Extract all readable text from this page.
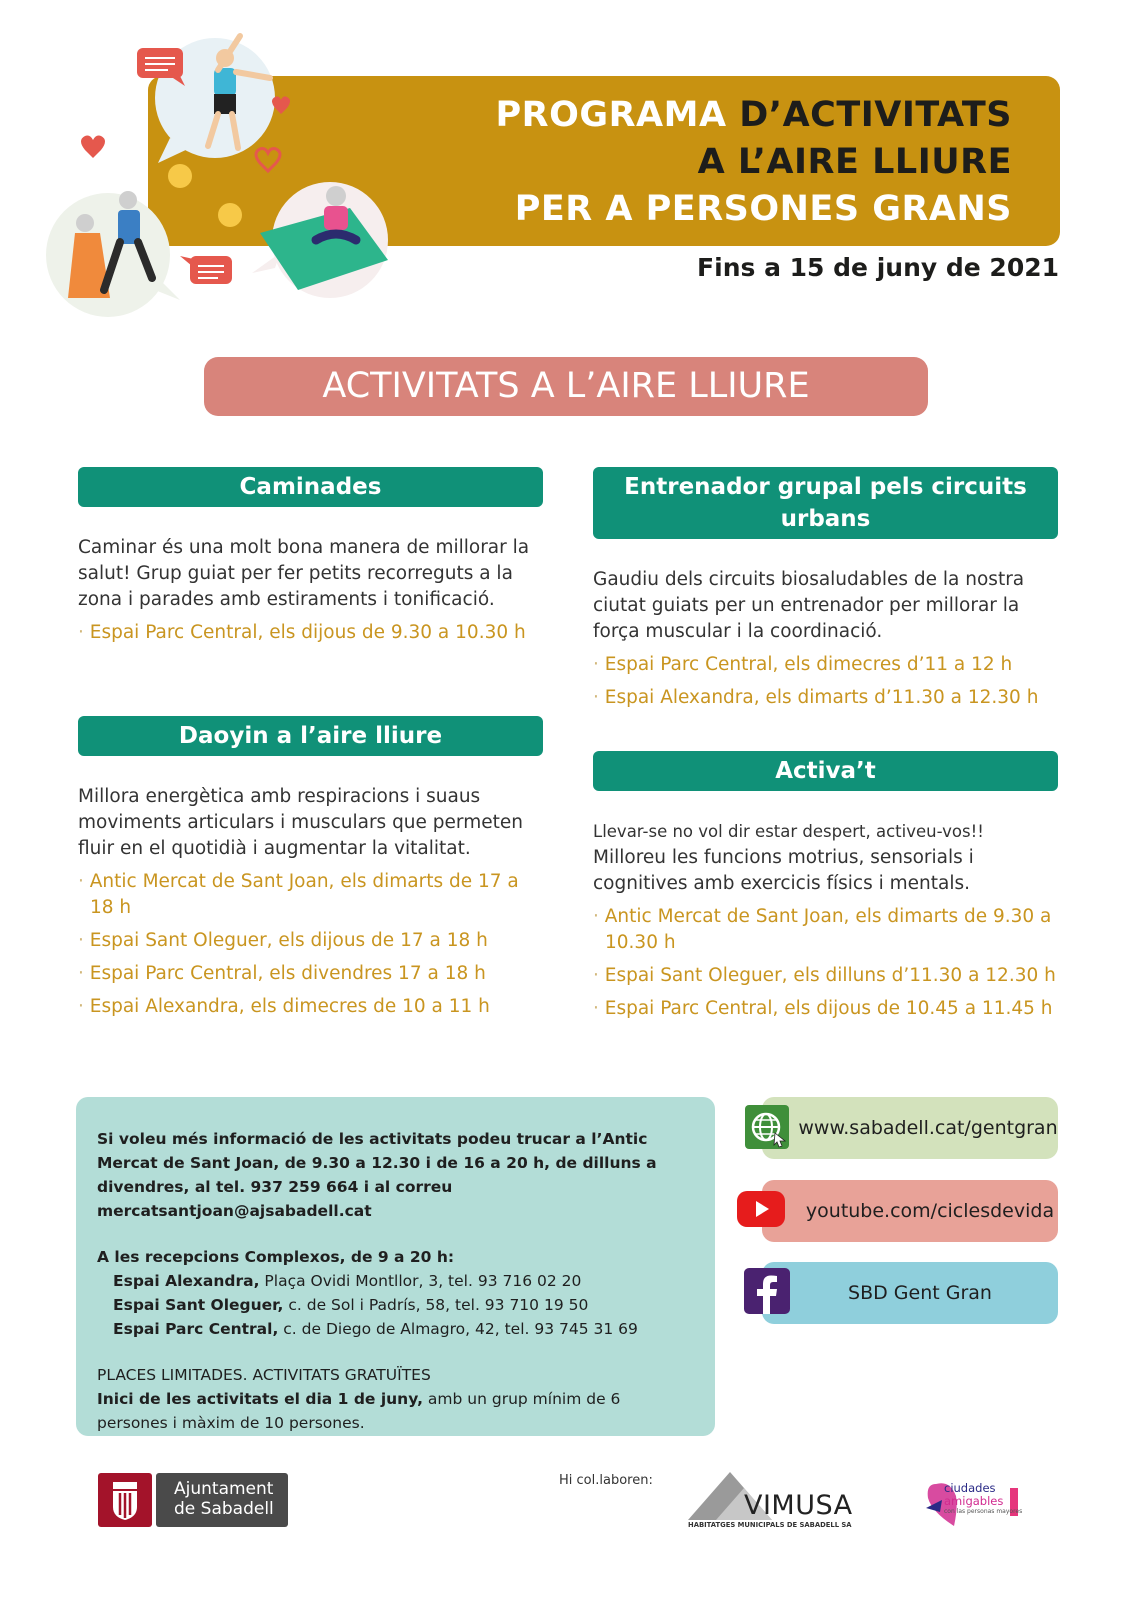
PROGRAMA D’ACTIVITATS
A L’AIRE LLIURE
PER A PERSONES GRANS
Fins a 15 de juny de 2021
ACTIVITATS A L’AIRE LLIURE
Caminades

Caminar és una molt bona manera de millorar la salut! Grup guiat per fer petits recorreguts a la zona i parades amb estiraments i tonificació.

· Espai Parc Central, els dijous de 9.30 a 10.30 h
Daoyin a l’aire lliure

Millora energètica amb respiracions i suaus moviments articulars i musculars que permeten fluir en el quotidià i augmentar la vitalitat.

· Antic Mercat de Sant Joan, els dimarts de 17 a 18 h
· Espai Sant Oleguer, els dijous de 17 a 18 h
· Espai Parc Central, els divendres 17 a 18 h
· Espai Alexandra, els dimecres de 10 a 11 h
Entrenador grupal pels circuits urbans

Gaudiu dels circuits biosaludables de la nostra ciutat guiats per un entrenador per millorar la força muscular i la coordinació.

· Espai Parc Central, els dimecres d’11 a 12 h
· Espai Alexandra, els dimarts d’11.30 a 12.30 h
Activa’t

Llevar-se no vol dir estar despert, activeu-vos!!
Milloreu les funcions motrius, sensorials i cognitives amb exercicis físics i mentals.

· Antic Mercat de Sant Joan, els dimarts de 9.30 a 10.30 h
· Espai Sant Oleguer, els dilluns d’11.30 a 12.30 h
· Espai Parc Central, els dijous de 10.45 a 11.45 h

Si voleu més informació de les activitats podeu trucar a l’Antic Mercat de Sant Joan, de 9.30 a 12.30 i de 16 a 20 h, de dilluns a divendres, al tel. 937 259 664 i al correu mercatsantjoan@ajsabadell.cat

A les recepcions Complexos, de 9 a 20 h:

Espai Alexandra, Plaça Ovidi Montllor, 3, tel. 93 716 02 20

Espai Sant Oleguer, c. de Sol i Padrís, 58, tel. 93 710 19 50

Espai Parc Central, c. de Diego de Almagro, 42, tel. 93 745 31 69

PLACES LIMITADES. ACTIVITATS GRATUÏTES

Inici de les activitats el dia 1 de juny, amb un grup mínim de 6 persones i màxim de 10 persones.

www.sabadell.cat/gentgran
youtube.com/ciclesdevida
SBD Gent Gran
Ajuntament
de Sabadell
Hi col.laboren:
VIMUSA
HABITATGES MUNICIPALS DE SABADELL SA
ciudades
amigables
con las personas mayores
